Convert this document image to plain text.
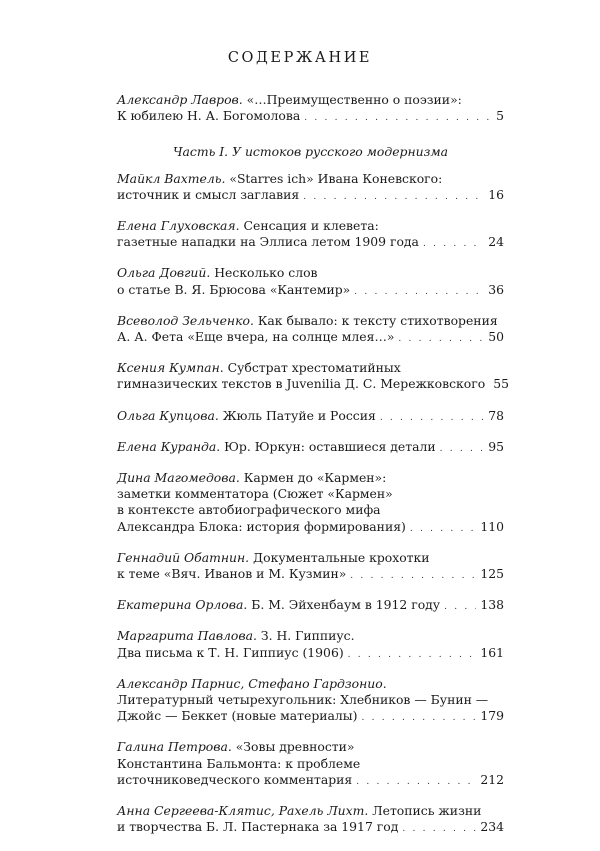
СОДЕРЖАНИЕ
Александр Лавров. «…Преимущественно о поэзии»:
К юбилею Н. А. Богомолова . . .	5
Часть I. У истоков русского модернизма
Майкл Вахтель. «Starres ich» Ивана Коневского:
источник и смысл заглавия . . .	16
Елена Глуховская. Сенсация и клевета:
газетные нападки на Эллиса летом 1909 года . . .	24
Ольга Довгий. Несколько слов
о статье В. Я. Брюсова «Кантемир» . . .	36
Всеволод Зельченко. Как бывало: к тексту стихотворения
А. А. Фета «Еще вчера, на солнце млея…» . . .	50
Ксения Кумпан. Субстрат хрестоматийных
гимназических текстов в Juvenilia Д. С. Мережковского 55
Ольга Купцова. Жюль Патуйе и Россия . . .	78
Елена Куранда. Юр. Юркун: оставшиеся детали . . .	95
Дина Магомедова. Кармен до «Кармен»:
заметки комментатора (Сюжет «Кармен»
в контексте автобиографического мифа
Александра Блока: история формирования) . . .	110
Геннадий Обатнин. Документальные крохотки
к теме «Вяч. Иванов и М. Кузмин» . . .	125
Екатерина Орлова. Б. М. Эйхенбаум в 1912 году . . .	138
Маргарита Павлова. З. Н. Гиппиус.
Два письма к Т. Н. Гиппиус (1906) . . .	161
Александр Парнис, Стефано Гардзонио.
Литературный четырехугольник: Хлебников — Бунин —
Джойс — Беккет (новые материалы) . . .	179
Галина Петрова. «Зовы древности»
Константина Бальмонта: к проблеме
источниковедческого комментария . . .	212
Анна Сергеева-Клятис, Рахель Лихт. Летопись жизни
и творчества Б. Л. Пастернака за 1917 год . . .	234
